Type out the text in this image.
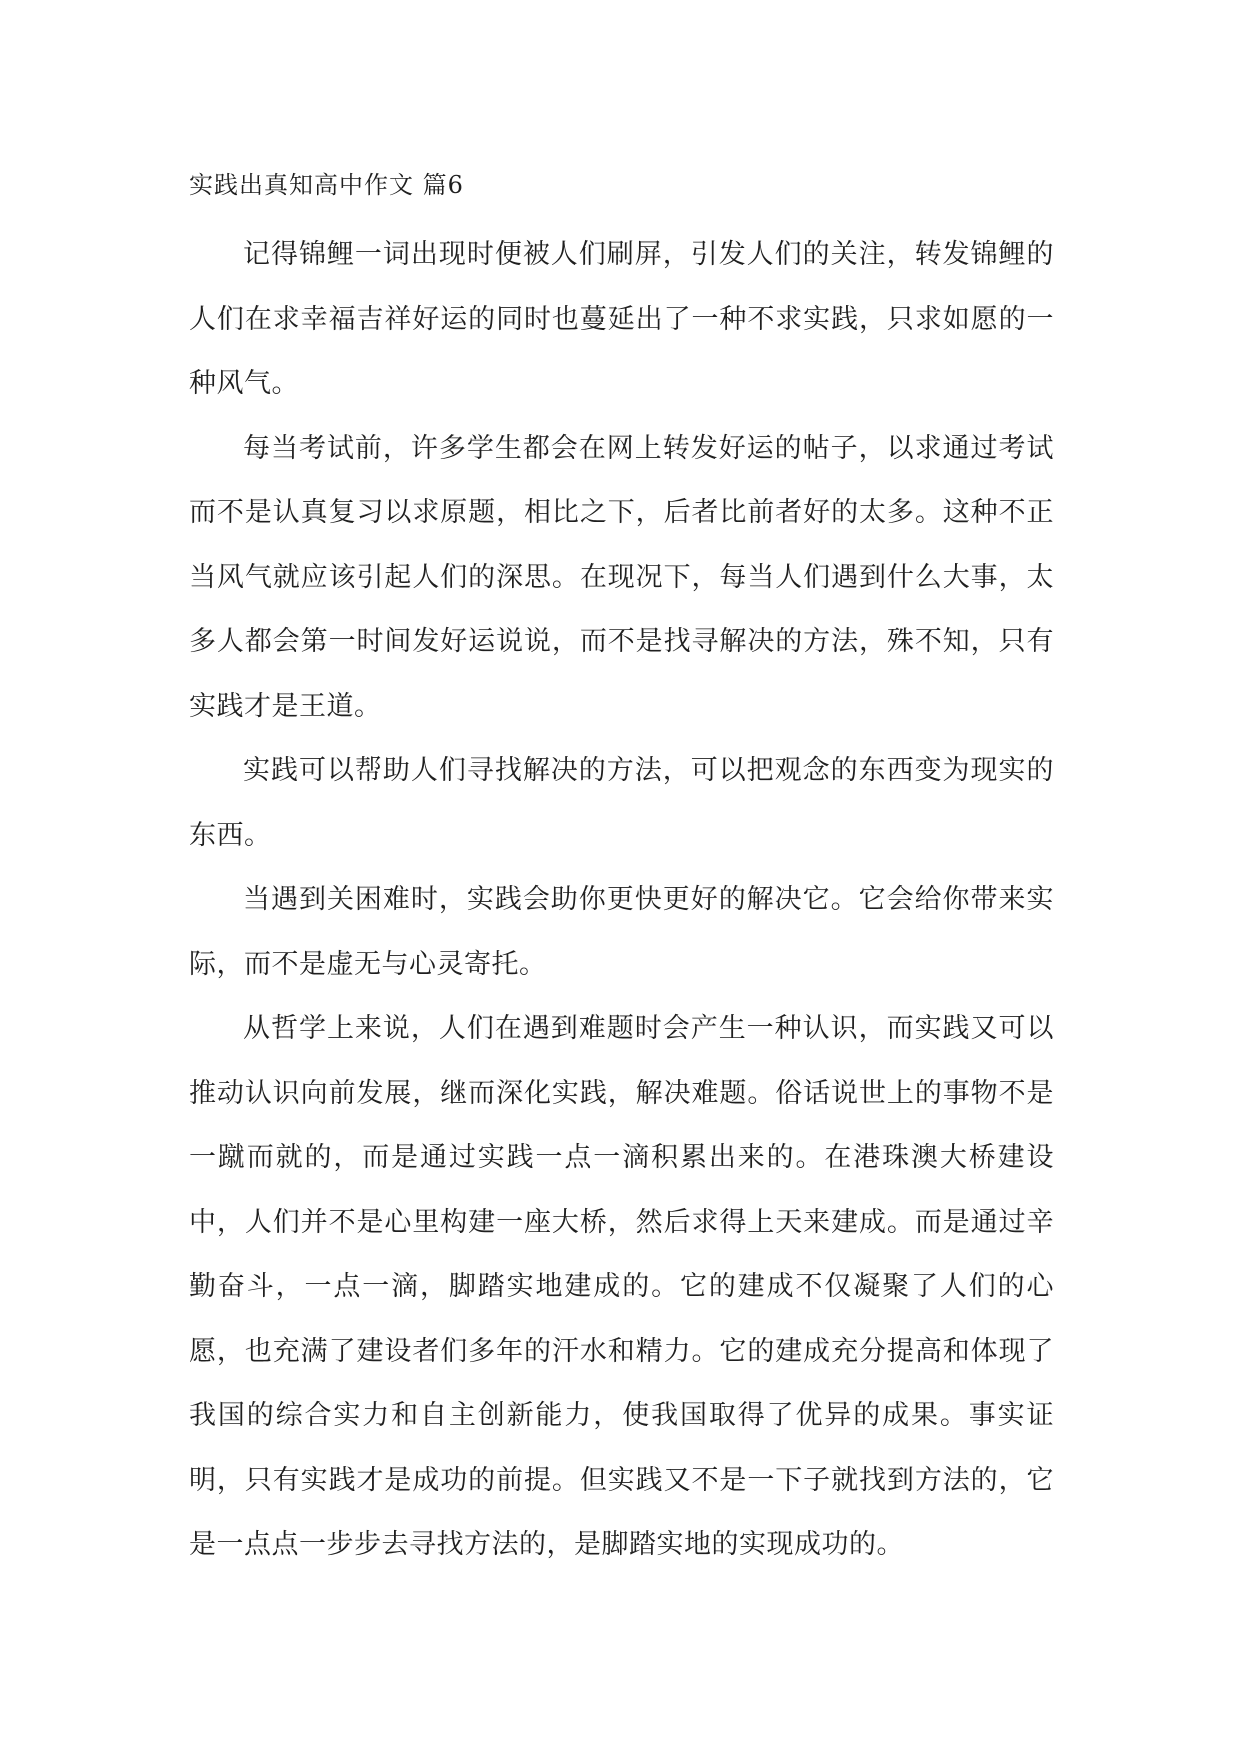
实践出真知高中作文 篇6

记得锦鲤一词出现时便被人们刷屏，引发人们的关注，转发锦鲤的人们在求幸福吉祥好运的同时也蔓延出了一种不求实践，只求如愿的一种风气。

每当考试前，许多学生都会在网上转发好运的帖子，以求通过考试而不是认真复习以求原题，相比之下，后者比前者好的太多。这种不正当风气就应该引起人们的深思。在现况下，每当人们遇到什么大事，太多人都会第一时间发好运说说，而不是找寻解决的方法，殊不知，只有实践才是王道。

实践可以帮助人们寻找解决的方法，可以把观念的东西变为现实的东西。

当遇到关困难时，实践会助你更快更好的解决它。它会给你带来实际，而不是虚无与心灵寄托。

从哲学上来说，人们在遇到难题时会产生一种认识，而实践又可以推动认识向前发展，继而深化实践，解决难题。俗话说世上的事物不是一蹴而就的，而是通过实践一点一滴积累出来的。在港珠澳大桥建设中，人们并不是心里构建一座大桥，然后求得上天来建成。而是通过辛勤奋斗，一点一滴，脚踏实地建成的。它的建成不仅凝聚了人们的心愿，也充满了建设者们多年的汗水和精力。它的建成充分提高和体现了我国的综合实力和自主创新能力，使我国取得了优异的成果。事实证明，只有实践才是成功的前提。但实践又不是一下子就找到方法的，它是一点点一步步去寻找方法的，是脚踏实地的实现成功的。
